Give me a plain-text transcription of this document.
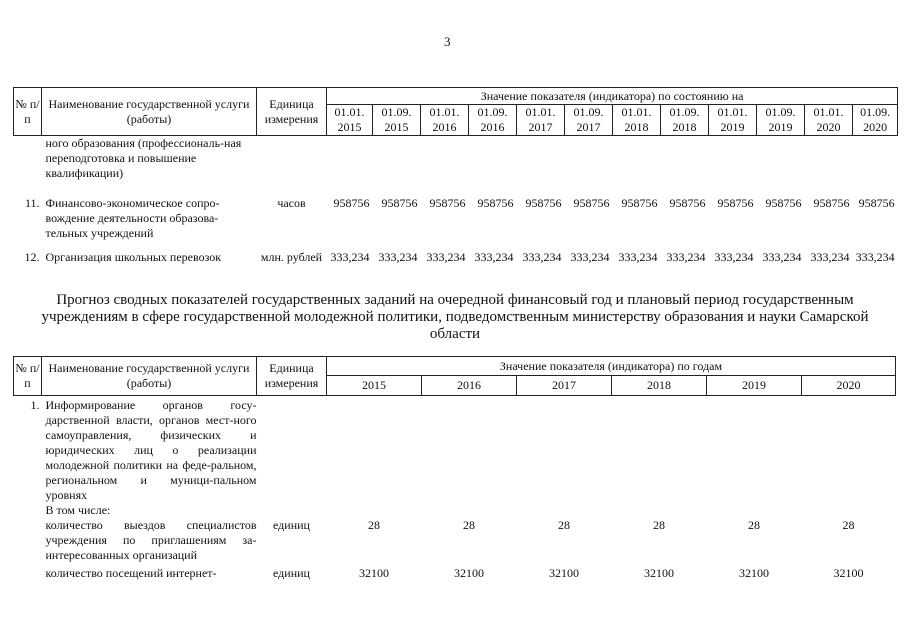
3
№ п/п	Наименование государственной услуги (работы)	Единица измерения	Значение показателя (индикатора) по состоянию на											
			01.01. 2015	01.09. 2015	01.01. 2016	01.09. 2016	01.01. 2017	01.09. 2017	01.01. 2018	01.09. 2018	01.01. 2019	01.09. 2019	01.01. 2020	01.09. 2020
	ного образования (профессиональ-ная переподготовка и повышение квалификации)													
11.	Финансово-экономическое сопро-вождение деятельности образова-тельных учреждений	часов	958756	958756	958756	958756	958756	958756	958756	958756	958756	958756	958756	958756
12.	Организация школьных перевозок	млн. рублей	333,234	333,234	333,234	333,234	333,234	333,234	333,234	333,234	333,234	333,234	333,234	333,234
Прогноз сводных показателей государственных заданий на очередной финансовый год и плановый период государственным учреждениям в сфере государственной молодежной политики, подведомственным министерству образования и науки Самарской области
№ п/п	Наименование государственной услуги (работы)	Единица измерения	Значение показателя (индикатора) по годам					
			2015	2016	2017	2018	2019	2020
1.	Информирование органов госу-дарственной власти, органов мест-ного самоуправления, физических и юридических лиц о реализации молодежной политики на феде-ральном, региональном и муници-пальном уровнях
В том числе:							

	количество выездов специалистов учреждения по приглашениям за-интересованных организаций	единиц	28	28	28	28	28	28
	количество посещений интернет-	единиц	32100	32100	32100	32100	32100	32100
